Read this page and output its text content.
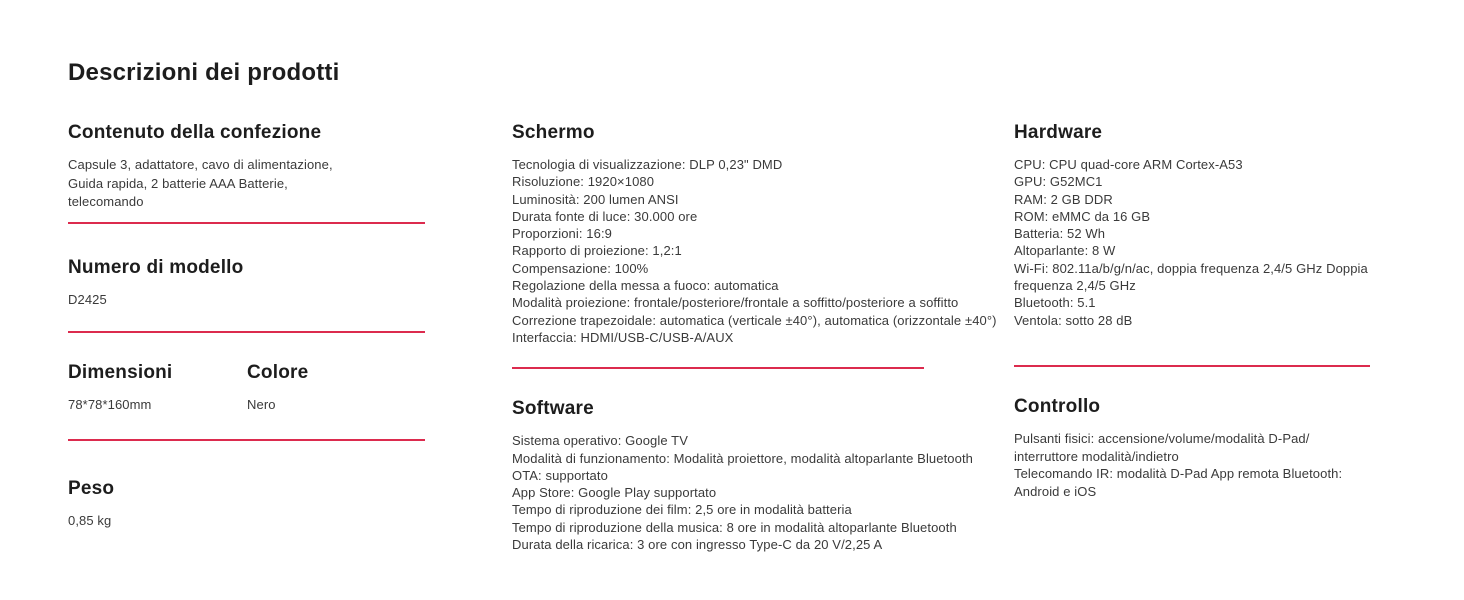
Descrizioni dei prodotti
Contenuto della confezione
Capsule 3, adattatore, cavo di alimentazione,
Guida rapida, 2 batterie AAA Batterie,
telecomando
Numero di modello
D2425
Dimensioni
78*78*160mm
Colore
Nero
Peso
0,85 kg
Schermo
Tecnologia di visualizzazione: DLP 0,23" DMD
Risoluzione: 1920×1080
Luminosità: 200 lumen ANSI
Durata fonte di luce: 30.000 ore
Proporzioni: 16:9
Rapporto di proiezione: 1,2:1
Compensazione: 100%
Regolazione della messa a fuoco: automatica
Modalità proiezione: frontale/posteriore/frontale a soffitto/posteriore a soffitto
Correzione trapezoidale: automatica (verticale ±40°), automatica (orizzontale ±40°)
Interfaccia: HDMI/USB-C/USB-A/AUX
Software
Sistema operativo: Google TV
Modalità di funzionamento: Modalità proiettore, modalità altoparlante Bluetooth
OTA: supportato
App Store: Google Play supportato
Tempo di riproduzione dei film: 2,5 ore in modalità batteria
Tempo di riproduzione della musica: 8 ore in modalità altoparlante Bluetooth
Durata della ricarica: 3 ore con ingresso Type-C da 20 V/2,25 A
Hardware
CPU: CPU quad-core ARM Cortex-A53
GPU: G52MC1
RAM: 2 GB DDR
ROM: eMMC da 16 GB
Batteria: 52 Wh
Altoparlante: 8 W
Wi-Fi: 802.11a/b/g/n/ac, doppia frequenza 2,4/5 GHz Doppia
frequenza 2,4/5 GHz
Bluetooth: 5.1
Ventola: sotto 28 dB
Controllo
Pulsanti fisici: accensione/volume/modalità D-Pad/
interruttore modalità/indietro
Telecomando IR: modalità D-Pad App remota Bluetooth:
Android e iOS
